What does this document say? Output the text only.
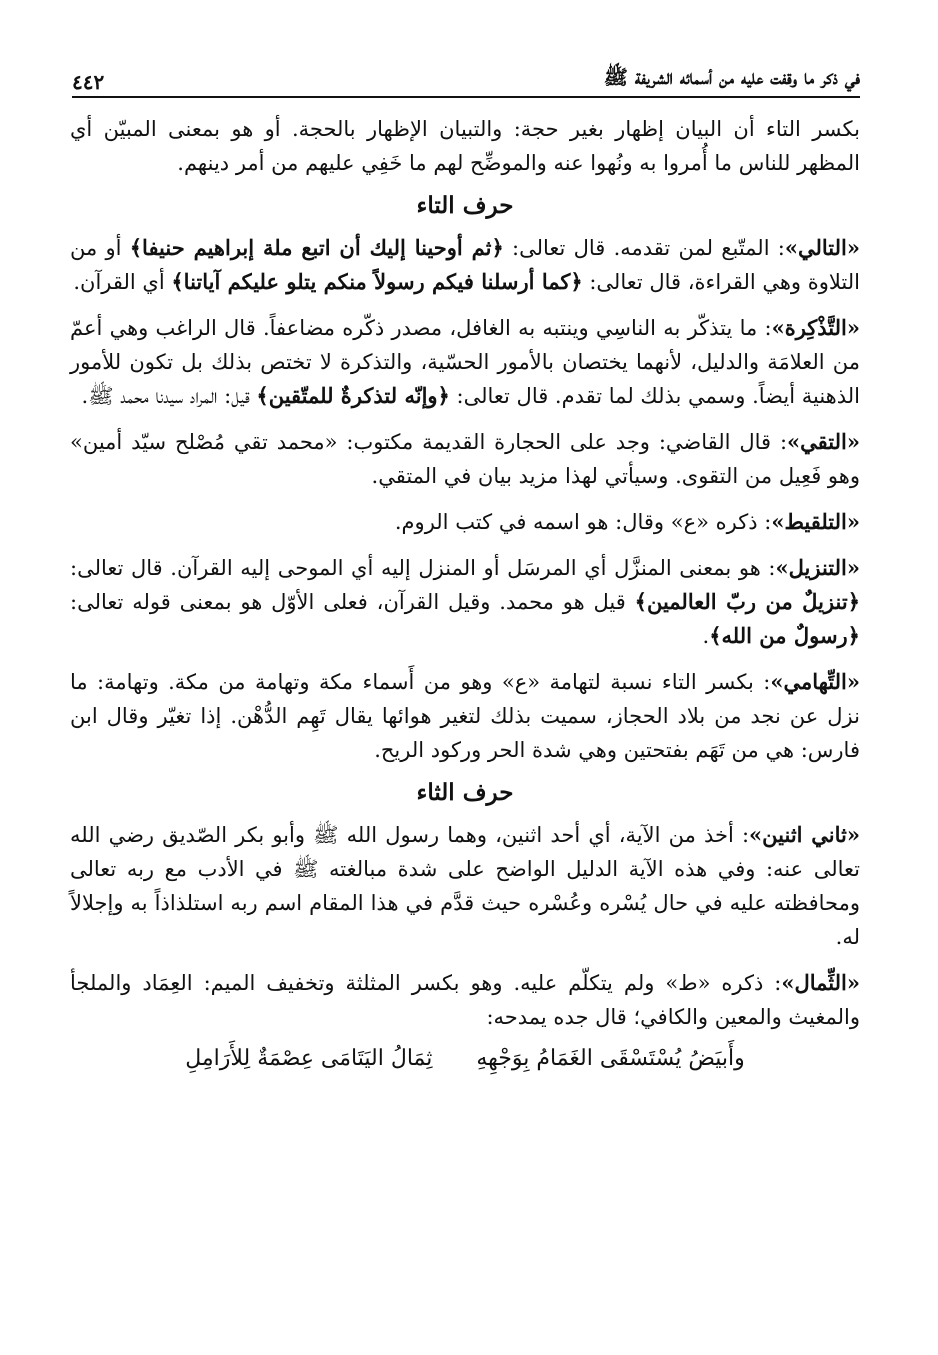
في ذكر ما وقفت عليه من أسمائه الشريفة ﷺ
٤٤٢

بكسر التاء أن البيان إظهار بغير حجة: والتبيان الإظهار بالحجة. أو هو بمعنى المبيّن أي المظهر للناس ما أُمروا به ونُهوا عنه والموضِّح لهم ما خَفِي عليهم من أمر دينهم.

حرف التاء

«التالي»: المتّبع لمن تقدمه. قال تعالى: ﴿ثم أوحينا إليك أن اتبع ملة إبراهيم حنيفا﴾ أو من التلاوة وهي القراءة، قال تعالى: ﴿كما أرسلنا فيكم رسولاً منكم يتلو عليكم آياتنا﴾ أي القرآن.

«التَّذْكِرة»: ما يتذكّر به الناسِي وينتبه به الغافل، مصدر ذكّره مضاعفاً. قال الراغب وهي أعمّ من العلامَة والدليل، لأنهما يختصان بالأمور الحسّية، والتذكرة لا تختص بذلك بل تكون للأمور الذهنية أيضاً. وسمي بذلك لما تقدم. قال تعالى: ﴿وإنّه لتذكرةٌ للمتّقين﴾ قيل: المراد سيدنا محمد ﷺ.

«التقي»: قال القاضي: وجد على الحجارة القديمة مكتوب: «محمد تقي مُصْلح سيّد أمين» وهو فَعِيل من التقوى. وسيأتي لهذا مزيد بيان في المتقي.

«التلقيط»: ذكره «ع» وقال: هو اسمه في كتب الروم.

«التنزيل»: هو بمعنى المنزَّل أي المرسَل أو المنزل إليه أي الموحى إليه القرآن. قال تعالى: ﴿تنزيلٌ من ربّ العالمين﴾ قيل هو محمد. وقيل القرآن، فعلى الأوّل هو بمعنى قوله تعالى: ﴿رسولٌ من الله﴾.

«التِّهامي»: بكسر التاء نسبة لتهامة «ع» وهو من أَسماء مكة وتهامة من مكة. وتهامة: ما نزل عن نجد من بلاد الحجاز، سميت بذلك لتغير هوائها يقال تَهِم الدُّهْن. إذا تغيّر وقال ابن فارس: هي من تَهَم بفتحتين وهي شدة الحر وركود الريح.

حرف الثاء

«ثاني اثنين»: أخذ من الآية، أي أحد اثنين، وهما رسول الله ﷺ وأبو بكر الصّديق رضي الله تعالى عنه: وفي هذه الآية الدليل الواضح على شدة مبالغته ﷺ في الأدب مع ربه تعالى ومحافظته عليه في حال يُسْره وعُسْره حيث قدَّم في هذا المقام اسم ربه استلذاذاً به وإجلالاً له.

«الثِّمال»: ذكره «ط» ولم يتكلّم عليه. وهو بكسر المثلثة وتخفيف الميم: العِمَاد والملجأ والمغيث والمعين والكافي؛ قال جده يمدحه:

وأَبيَضُ يُسْتَسْقَى الغَمَامُ بِوَجْهِهِ
ثِمَالُ اليَتَامَى عِصْمَةٌ لِلأَرَامِلِ
